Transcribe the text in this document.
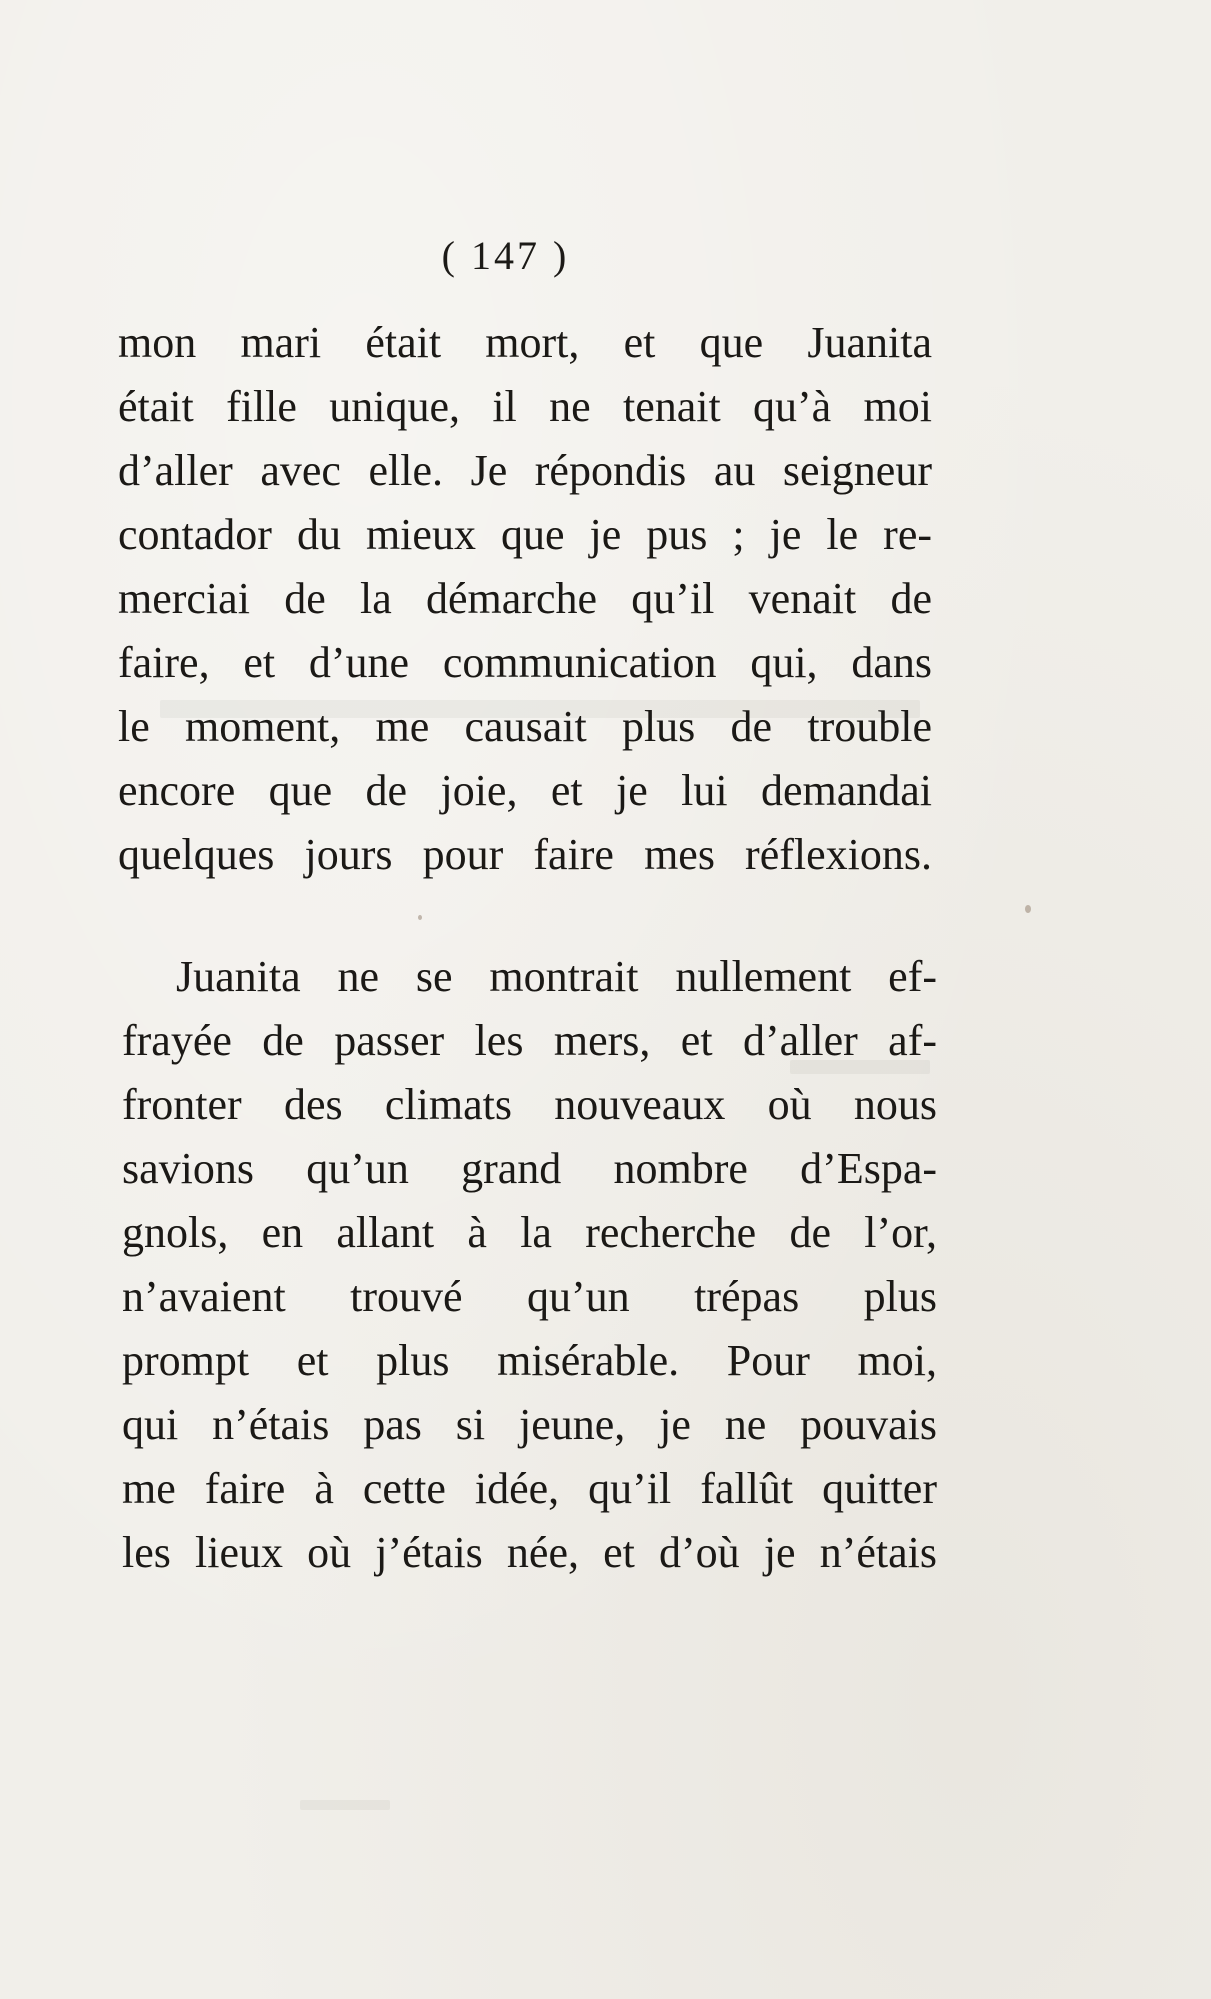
( 147 )
mon mari était mort, et que Juanita
était fille unique, il ne tenait qu’à moi
d’aller avec elle. Je répondis au seigneur
contador du mieux que je pus ; je le re-
merciai de la démarche qu’il venait de
faire, et d’une communication qui, dans
le moment, me causait plus de trouble
encore que de joie, et je lui demandai
quelques jours pour faire mes réflexions.
Juanita ne se montrait nullement ef-
frayée de passer les mers, et d’aller af-
fronter des climats nouveaux où nous
savions qu’un grand nombre d’Espa-
gnols, en allant à la recherche de l’or,
n’avaient trouvé qu’un trépas plus
prompt et plus misérable. Pour moi,
qui n’étais pas si jeune, je ne pouvais
me faire à cette idée, qu’il fallût quitter
les lieux où j’étais née, et d’où je n’étais
